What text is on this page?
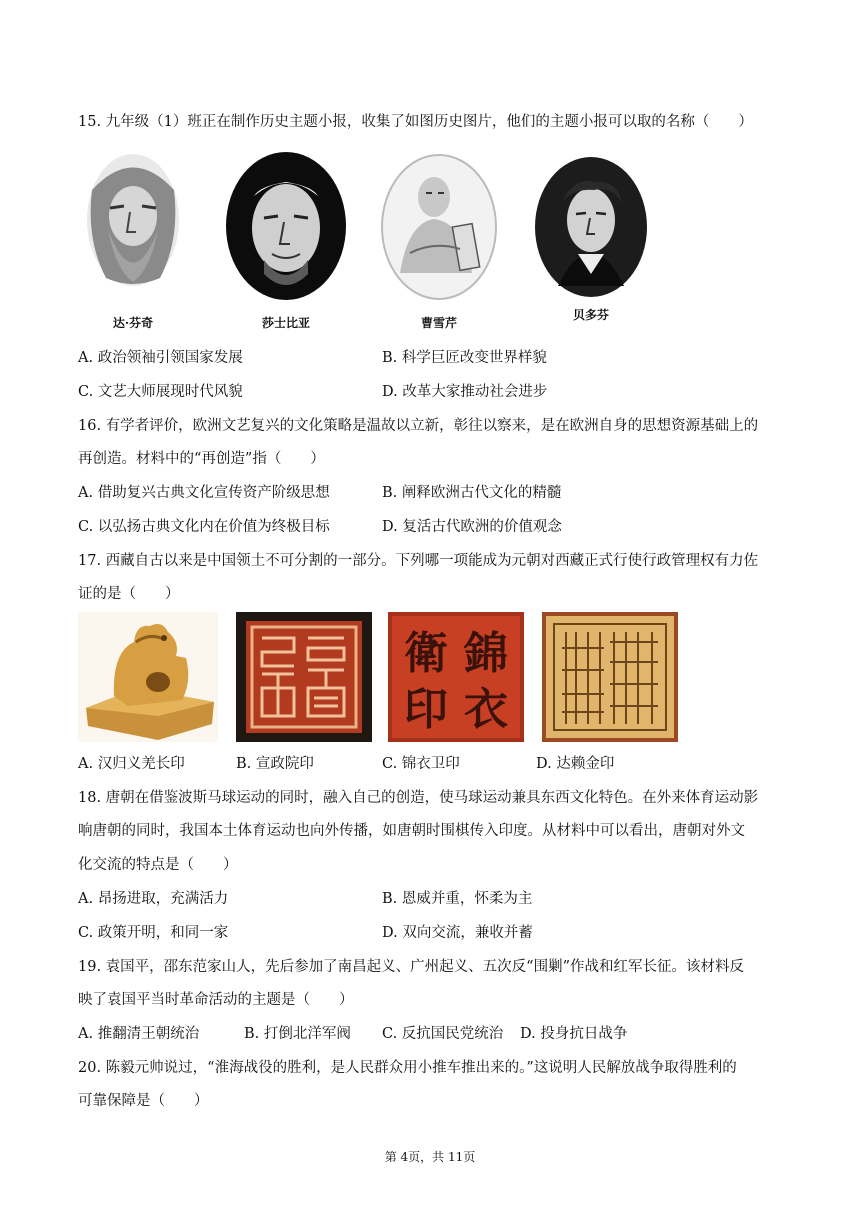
15. 九年级（1）班正在制作历史主题小报，收集了如图历史图片，他们的主题小报可以取的名称（　　）
达·芬奇	莎士比亚	曹雪芹
贝多芬
A. 政治领袖引领国家发展	B. 科学巨匠改变世界样貌
C. 文艺大师展现时代风貌	D. 改革大家推动社会进步
16. 有学者评价，欧洲文艺复兴的文化策略是温故以立新，彰往以察来，是在欧洲自身的思想资源基础上的
再创造。材料中的“再创造”指（　　）
A. 借助复兴古典文化宣传资产阶级思想	B. 阐释欧洲古代文化的精髓
C. 以弘扬古典文化内在价值为终极目标	D. 复活古代欧洲的价值观念
17. 西藏自古以来是中国领土不可分割的一部分。下列哪一项能成为元朝对西藏正式行使行政管理权有力佐
证的是（　　）
錦
衣
衛
印
A. 汉归义羌长印	B. 宣政院印	C. 锦衣卫印	D. 达赖金印
18. 唐朝在借鉴波斯马球运动的同时，融入自己的创造，使马球运动兼具东西文化特色。在外来体育运动影
响唐朝的同时，我国本土体育运动也向外传播，如唐朝时围棋传入印度。从材料中可以看出，唐朝对外文
化交流的特点是（　　）
A. 昂扬进取，充满活力	B. 恩威并重，怀柔为主
C. 政策开明，和同一家	D. 双向交流，兼收并蓄
19. 袁国平，邵东范家山人，先后参加了南昌起义、广州起义、五次反“围剿”作战和红军长征。该材料反
映了袁国平当时革命活动的主题是（　　）
A. 推翻清王朝统治	B. 打倒北洋军阀 C. 反抗国民党统治 D. 投身抗日战争
20. 陈毅元帅说过，“淮海战役的胜利，是人民群众用小推车推出来的。”这说明人民解放战争取得胜利的
可靠保障是（　　）
第 4页，共 11页
